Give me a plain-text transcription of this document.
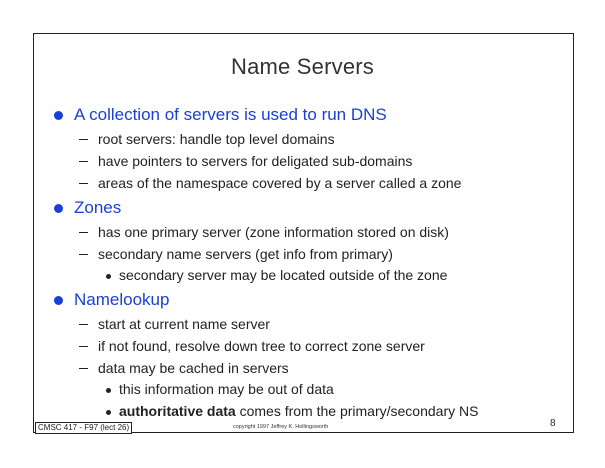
Name Servers
A collection of servers is used to run DNS
root servers: handle top level domains
have pointers to servers for deligated sub-domains
areas of the namespace covered by a server called a zone
Zones
has one primary server (zone information stored on disk)
secondary name servers (get info from primary)
secondary server may be located outside of the zone
Namelookup
start at current name server
if not found, resolve down tree to correct zone server
data may be cached in servers
this information may be out of data
authoritative data comes from the primary/secondary NS
CMSC 417 - F97 (lect 26)	copyright 1997 Jeffrey K. Hollingsworth	8
